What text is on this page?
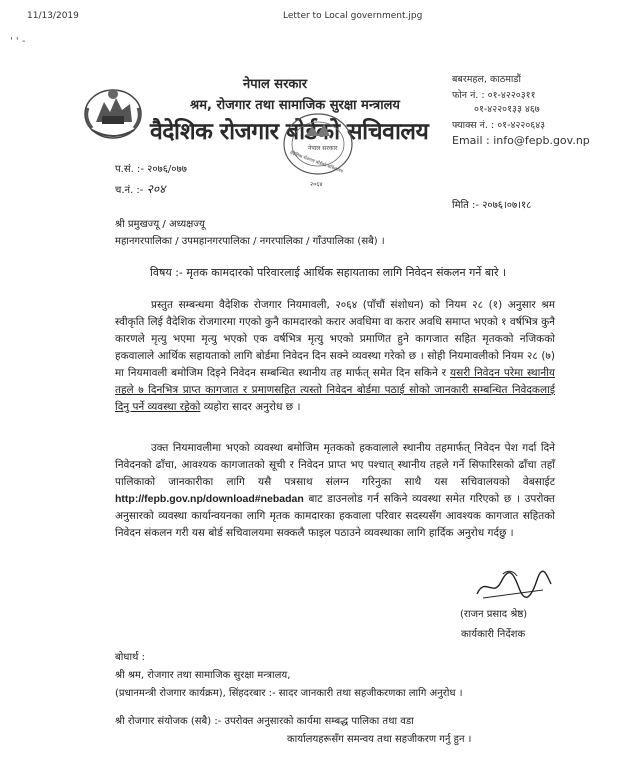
11/13/2019	Letter to Local government.jpg
' ' -
नेपाल सरकार
श्रम, रोजगार तथा सामाजिक सुरक्षा मन्त्रालय
वैदेशिक रोजगार बोर्डको सचिवालय
बबरमहल, काठमाडौं
फोन नं. : ०१-४२२०३११
०१-४२२०१३३ ४६७
फ्याक्स नं. : ०१-४२२०६४३
Email : info@fepb.gov.np
नेपाल सरकार
वैदेशिक रोजगार बोर्डको सचिवालय
२०६४
प.सं. :- २०७६/०७७
च.नं. :- २०४
मिति :- २०७६।०७।१८
श्री प्रमुखज्यू / अध्यक्षज्यू
महानगरपालिका / उपमहानगरपालिका / नगरपालिका / गाँउपालिका (सबै) ।
विषय :- मृतक कामदारको परिवारलाई आर्थिक सहायताका लागि निवेदन संकलन गर्ने बारे ।
प्रस्तुत सम्बन्धमा वैदेशिक रोजगार नियमावली, २०६४ (पाँचौं संशोधन) को नियम २८ (१) अनुसार श्रम स्वीकृति लिई वैदेशिक रोजगारमा गएको कुनै कामदारको करार अवधिमा वा करार अवधि समाप्त भएको १ वर्षभित्र कुनै कारणले मृत्यु भएमा मृत्यु भएको एक वर्षभित्र मृत्यु भएको प्रमाणित हुने कागजात सहित मृतकको नजिकको हकवालाले आर्थिक सहायताको लागि बोर्डमा निवेदन दिन सक्ने व्यवस्था गरेको छ । सोही नियमावलीको नियम २८ (७) मा नियमावली बमोजिम दिइने निवेदन सम्बन्धित स्थानीय तह मार्फत् समेत दिन सकिने र यसरी निवेदन परेमा स्थानीय तहले ७ दिनभित्र प्राप्त कागजात र प्रमाणसहित त्यस्तो निवेदन बोर्डमा पठाई सोको जानकारी सम्बन्धित निवेदकलाई दिनु पर्ने व्यवस्था रहेको व्यहोरा सादर अनुरोध छ ।
उक्त नियमावलीमा भएको व्यवस्था बमोजिम मृतकको हकवालाले स्थानीय तहमार्फत् निवेदन पेश गर्दा दिने निवेदनको ढाँचा, आवश्यक कागजातको सूची र निवेदन प्राप्त भए पश्चात् स्थानीय तहले गर्ने सिफारिसको ढाँचा तहाँ पालिकाको जानकारीका लागि यसै पत्रसाथ संलग्न गरिनुका साथै यस सचिवालयको वेबसाईट http://fepb.gov.np/download#nebadan बाट डाउनलोड गर्न सकिने व्यवस्था समेत गरिएको छ । उपरोक्त अनुसारको व्यवस्था कार्यान्वयनका लागि मृतक कामदारका हकवाला परिवार सदस्यसँग आवश्यक कागजात सहितको निवेदन संकलन गरी यस बोर्ड सचिवालयमा सक्कलै फाइल पठाउने व्यवस्थाका लागि हार्दिक अनुरोध गर्दछु ।
(राजन प्रसाद श्रेष्ठ)
कार्यकारी निर्देशक
बोधार्थ :
श्री श्रम, रोजगार तथा सामाजिक सुरक्षा मन्त्रालय,
(प्रधानमन्त्री रोजगार कार्यक्रम), सिंहदरबार :- सादर जानकारी तथा सहजीकरणका लागि अनुरोध ।
श्री रोजगार संयोजक (सबै) :- उपरोक्त अनुसारको कार्यमा सम्बद्ध पालिका तथा वडा
कार्यालयहरूसँग समन्वय तथा सहजीकरण गर्नु हुन ।
